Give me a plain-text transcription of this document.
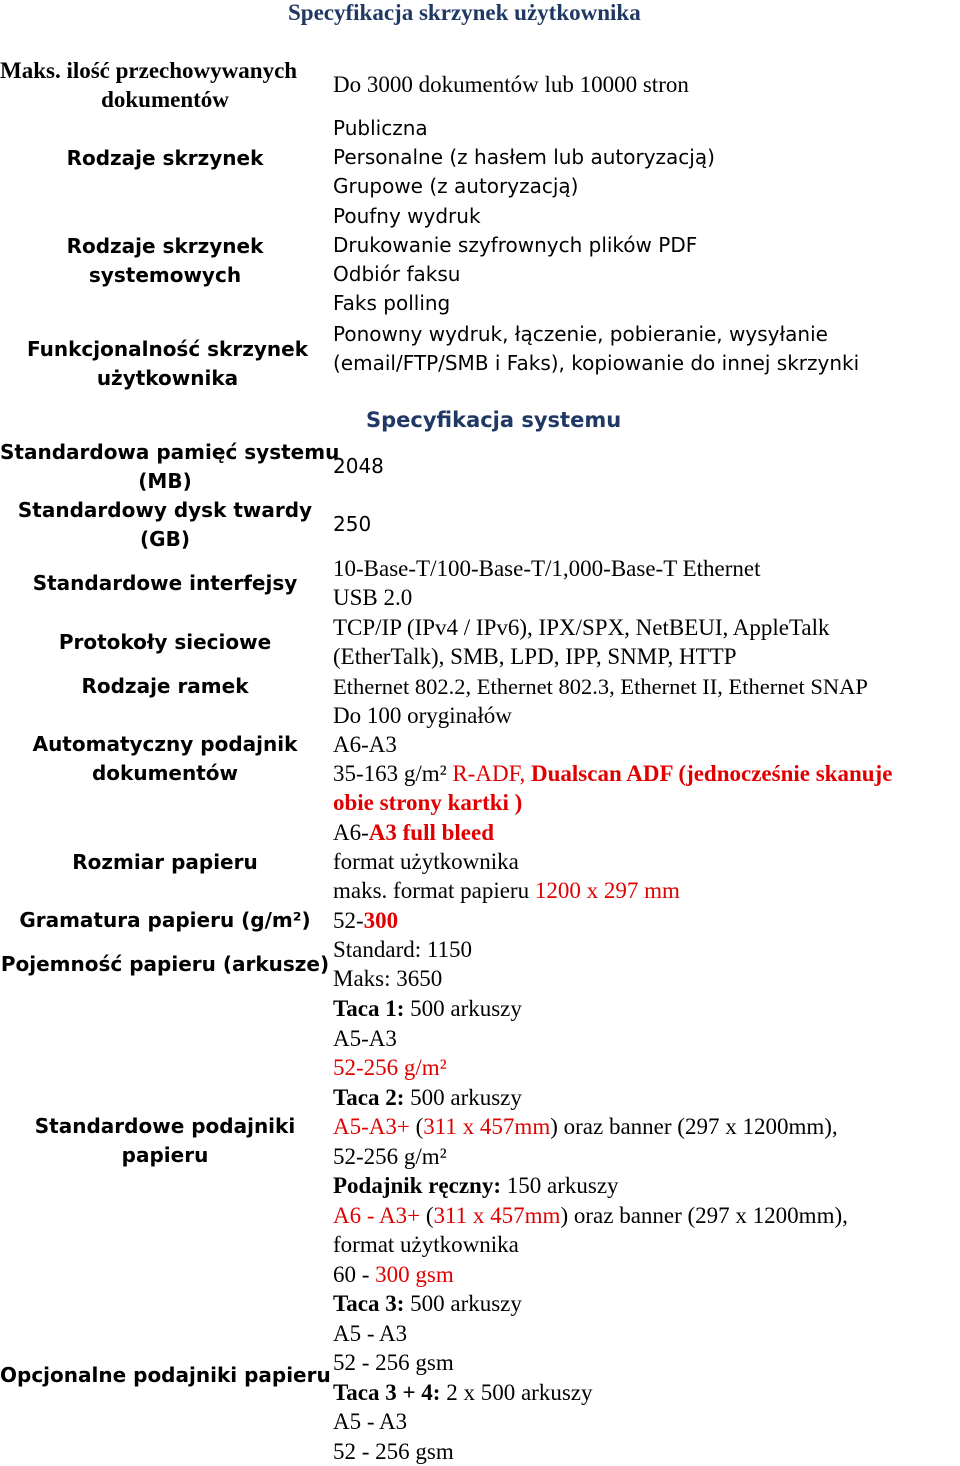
Specyfikacja skrzynek użytkownika
Maks. ilość przechowywanych
dokumentów
Do 3000 dokumentów lub 10000 stron
Rodzaje skrzynek
Publiczna
Personalne (z hasłem lub autoryzacją)
Grupowe (z autoryzacją)
Rodzaje skrzynek
systemowych
Poufny wydruk
Drukowanie szyfrownych plików PDF
Odbiór faksu
Faks polling
Funkcjonalność skrzynek
użytkownika
Ponowny wydruk, łączenie, pobieranie, wysyłanie
(email/FTP/SMB i Faks), kopiowanie do innej skrzynki
Specyfikacja systemu
Standardowa pamięć systemu
(MB)
2048
Standardowy dysk twardy
(GB)
250
Standardowe interfejsy
10-Base-T/100-Base-T/1,000-Base-T Ethernet
USB 2.0
Protokoły sieciowe
TCP/IP (IPv4 / IPv6), IPX/SPX, NetBEUI, AppleTalk
(EtherTalk), SMB, LPD, IPP, SNMP, HTTP
Rodzaje ramek	Ethernet 802.2, Ethernet 802.3, Ethernet II, Ethernet SNAP
Automatyczny podajnik
dokumentów
Do 100 oryginałów
A6-A3
35-163 g/m² R-ADF, Dualscan ADF (jednocześnie skanuje
obie strony kartki )
Rozmiar papieru
A6-A3 full bleed
format użytkownika
maks. format papieru 1200 x 297 mm
Gramatura papieru (g/m²) 52-300
Pojemność papieru (arkusze)
Standard: 1150
Maks: 3650
Standardowe podajniki
papieru
Taca 1: 500 arkuszy
A5-A3
52-256 g/m²
Taca 2: 500 arkuszy
A5-A3+ (311 x 457mm) oraz banner (297 x 1200mm),
52-256 g/m²
Podajnik ręczny: 150 arkuszy
A6 - A3+ (311 x 457mm) oraz banner (297 x 1200mm),
format użytkownika
60 - 300 gsm
Opcjonalne podajniki papieru
Taca 3: 500 arkuszy
A5 - A3
52 - 256 gsm
Taca 3 + 4: 2 x 500 arkuszy
A5 - A3
52 - 256 gsm
